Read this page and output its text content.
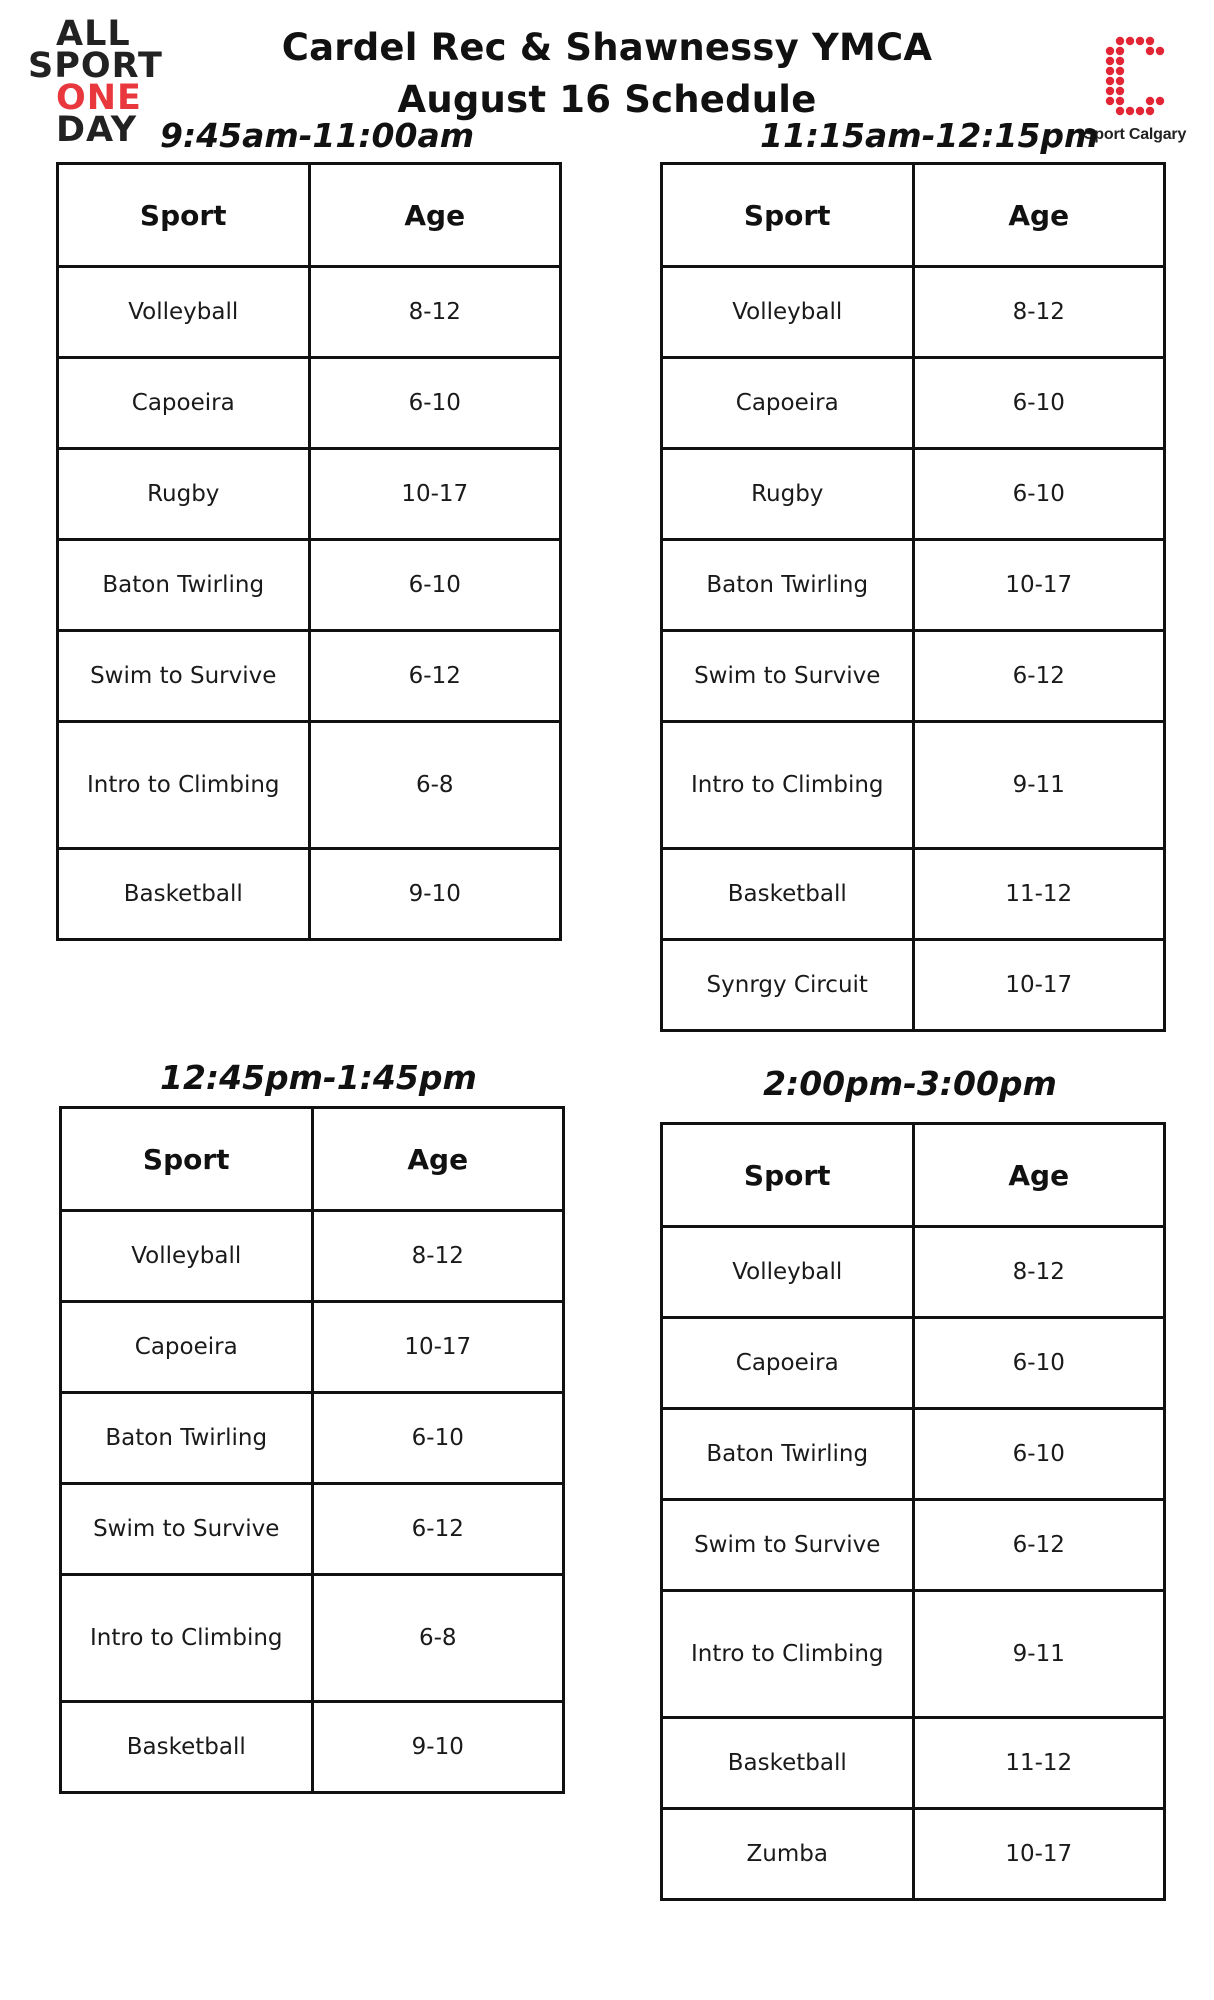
ALL
SPORT
ONE
DAY
Cardel Rec & Shawnessy YMCA
August 16 Schedule
Sport Calgary
9:45am-11:00am
Sport	Age
Volleyball	8-12
Capoeira	6-10
Rugby	10-17
Baton Twirling	6-10
Swim to Survive	6-12
Intro to Climbing	6-8
Basketball	9-10
11:15am-12:15pm
Sport	Age
Volleyball	8-12
Capoeira	6-10
Rugby	6-10
Baton Twirling	10-17
Swim to Survive	6-12
Intro to Climbing	9-11
Basketball	11-12
Synrgy Circuit	10-17
12:45pm-1:45pm
Sport	Age
Volleyball	8-12
Capoeira	10-17
Baton Twirling	6-10
Swim to Survive	6-12
Intro to Climbing	6-8
Basketball	9-10
2:00pm-3:00pm
Sport	Age
Volleyball	8-12
Capoeira	6-10
Baton Twirling	6-10
Swim to Survive	6-12
Intro to Climbing	9-11
Basketball	11-12
Zumba	10-17
